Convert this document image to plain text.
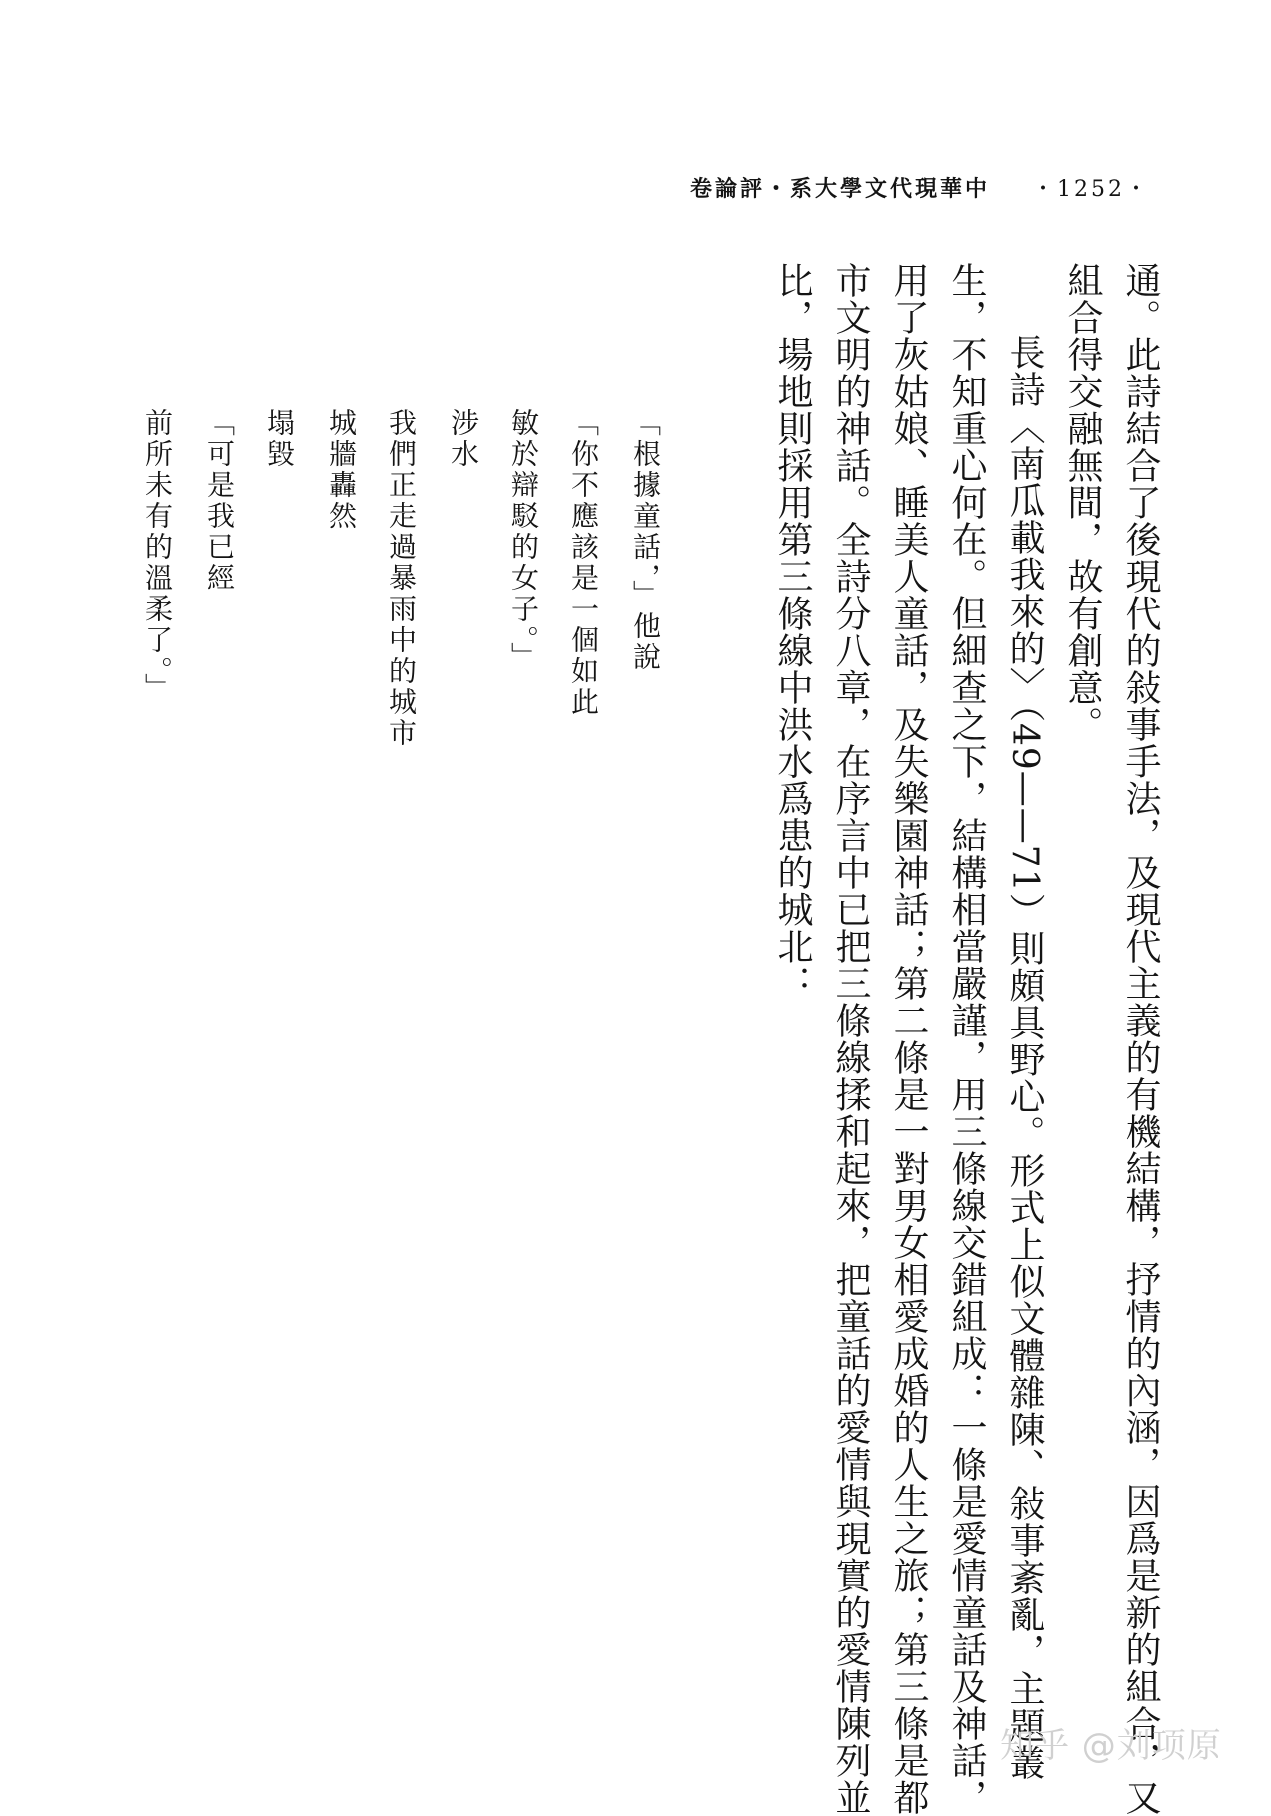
卷論評・系大學文代現華中 ・1252・
通。此詩結合了後現代的敍事手法，及現代主義的有機結構，抒情的內涵，因爲是新的組合，又
組合得交融無間，故有創意。
長詩〈南瓜載我來的〉（49——71）則頗具野心。形式上似文體雜陳、敍事紊亂，主題叢
生，不知重心何在。但細查之下，結構相當嚴謹，用三條線交錯組成：一條是愛情童話及神話，
用了灰姑娘、睡美人童話，及失樂園神話；第二條是一對男女相愛成婚的人生之旅；第三條是都
市文明的神話。全詩分八章，在序言中已把三條線揉和起來，把童話的愛情與現實的愛情陳列並
比，場地則採用第三條線中洪水爲患的城北：
「根據童話，」他說
「你不應該是一個如此
敏於辯駁的女子。」
涉水
我們正走過暴雨中的城市
城牆轟然
塌毀
「可是我已經
前所未有的溫柔了。」
知乎 @刘项原
